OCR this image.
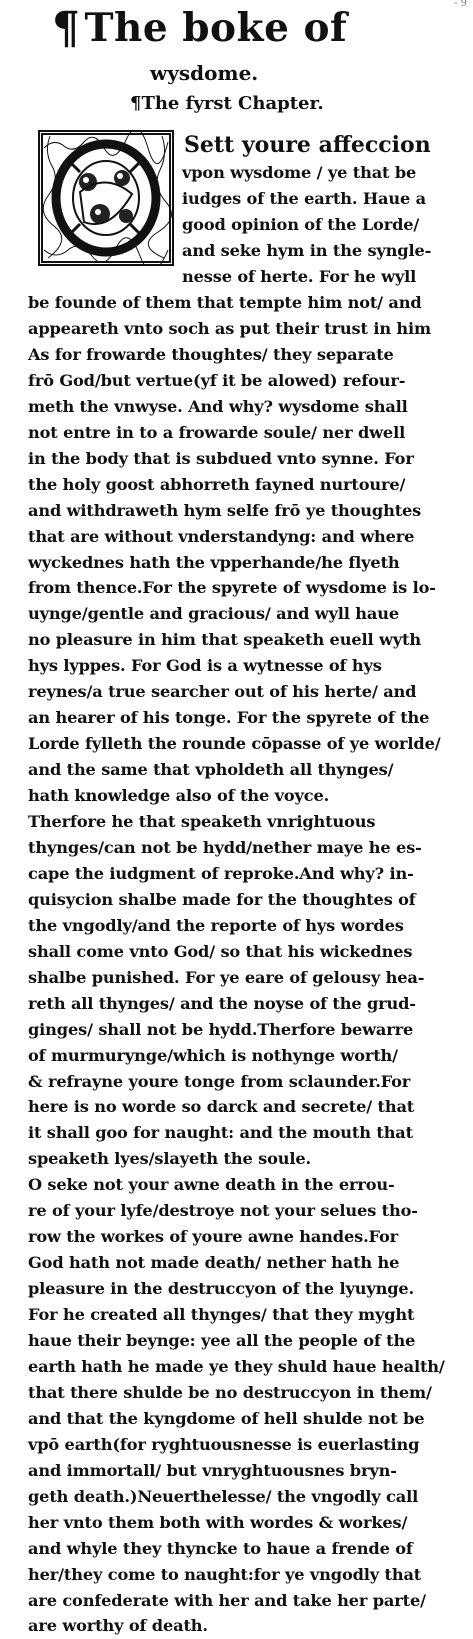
- 9
¶ The boke of
wysdome.
¶The fyrst Chapter.
Sett youre affeccion
vpon wysdome / ye that be
iudges of the earth. Haue a
good opinion of the Lorde/
and seke hym in the syngle-
nesse of herte. For he wyll
be founde of them that tempte him not/ and
appeareth vnto soch as put their trust in him
As for frowarde thoughtes/ they separate
frō God/but vertue(yf it be alowed) refour-
meth the vnwyse. And why? wysdome shall
not entre in to a frowarde soule/ ner dwell
in the body that is subdued vnto synne. For
the holy goost abhorreth fayned nurtoure/
and withdraweth hym selfe frō ye thoughtes
that are without vnderstandyng: and where
wyckednes hath the vpperhande/he flyeth
from thence.For the spyrete of wysdome is lo-
uynge/gentle and gracious/ and wyll haue
no pleasure in him that speaketh euell wyth
hys lyppes. For God is a wytnesse of hys
reynes/a true searcher out of his herte/ and
an hearer of his tonge. For the spyrete of the
Lorde fylleth the rounde cōpasse of ye worlde/
and the same that vpholdeth all thynges/
hath knowledge also of the voyce.
Therfore he that speaketh vnrightuous
thynges/can not be hydd/nether maye he es-
cape the iudgment of reproke.And why? in-
quisycion shalbe made for the thoughtes of
the vngodly/and the reporte of hys wordes
shall come vnto God/ so that his wickednes
shalbe punished. For ye eare of gelousy hea-
reth all thynges/ and the noyse of the grud-
ginges/ shall not be hydd.Therfore bewarre
of murmurynge/which is nothynge worth/
& refrayne youre tonge from sclaunder.For
here is no worde so darck and secrete/ that
it shall goo for naught: and the mouth that
speaketh lyes/slayeth the soule.
O seke not your awne death in the errou-
re of your lyfe/destroye not your selues tho-
row the workes of youre awne handes.For
God hath not made death/ nether hath he
pleasure in the destruccyon of the lyuynge.
For he created all thynges/ that they myght
haue their beynge: yee all the people of the
earth hath he made ye they shuld haue health/
that there shulde be no destruccyon in them/
and that the kyngdome of hell shulde not be
vpō earth(for ryghtuousnesse is euerlasting
and immortall/ but vnryghtuousnes bryn-
geth death.)Neuerthelesse/ the vngodly call
her vnto them both with wordes & workes/
and whyle they thyncke to haue a frende of
her/they come to naught:for ye vngodly that
are confederate with her and take her parte/
are worthy of death.
